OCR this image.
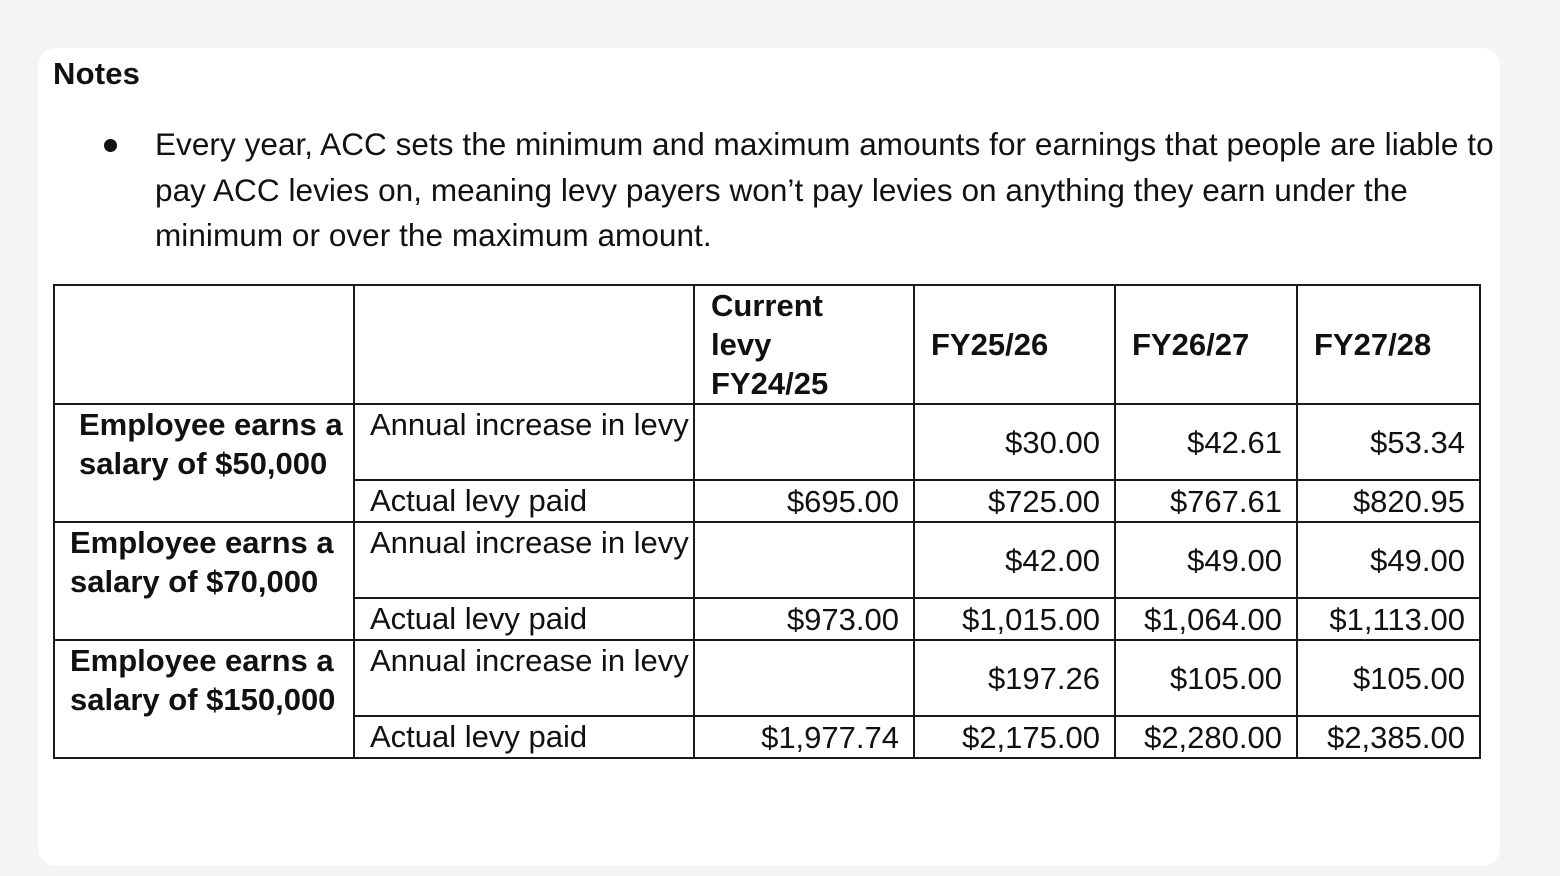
Notes
Every year, ACC sets the minimum and maximum amounts for earnings that people are liable to pay ACC levies on, meaning levy payers won’t pay levies on anything they earn under the minimum or over the maximum amount.
		Current levy FY24/25	FY25/26	FY26/27	FY27/28
Employee earns a salary of $50,000	Annual increase in levy		$30.00	$42.61	$53.34
	Actual levy paid	$695.00	$725.00	$767.61	$820.95
Employee earns a salary of $70,000	Annual increase in levy		$42.00	$49.00	$49.00
	Actual levy paid	$973.00	$1,015.00	$1,064.00	$1,113.00
Employee earns a salary of $150,000	Annual increase in levy		$197.26	$105.00	$105.00
	Actual levy paid	$1,977.74	$2,175.00	$2,280.00	$2,385.00
